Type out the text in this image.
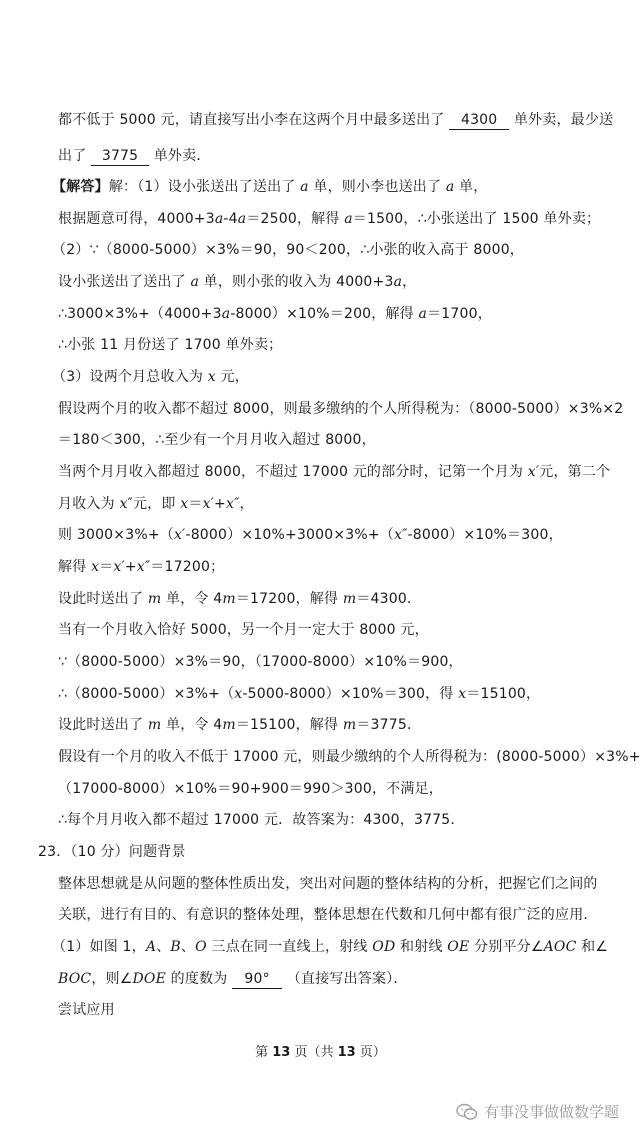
都不低于 5000 元，请直接写出小李在这两个月中最多送出了 4300 单外卖，最少送
出了 3775 单外卖．
【解答】解：（1）设小张送出了送出了 a 单，则小李也送出了 a 单，
根据题意可得，4000+3a-4a＝2500，解得 a＝1500，∴小张送出了 1500 单外卖；
（2）∵（8000-5000）×3%＝90，90＜200，∴小张的收入高于 8000，
设小张送出了送出了 a 单，则小张的收入为 4000+3a，
∴3000×3%+（4000+3a-8000）×10%＝200，解得 a＝1700，
∴小张 11 月份送了 1700 单外卖；
（3）设两个月总收入为 x 元，
假设两个月的收入都不超过 8000，则最多缴纳的个人所得税为：（8000-5000）×3%×2
＝180＜300，∴至少有一个月月收入超过 8000，
当两个月月收入都超过 8000，不超过 17000 元的部分时，记第一个月为 x′元，第二个
月收入为 x″元，即 x＝x′+x″，
则 3000×3%+（x′-8000）×10%+3000×3%+（x″-8000）×10%＝300，
解得 x＝x′+x″＝17200；
设此时送出了 m 单，令 4m＝17200，解得 m＝4300．
当有一个月收入恰好 5000，另一个月一定大于 8000 元，
∵（8000-5000）×3%＝90，（17000-8000）×10%＝900，
∴（8000-5000）×3%+（x-5000-8000）×10%＝300，得 x＝15100，
设此时送出了 m 单，令 4m＝15100，解得 m＝3775．
假设有一个月的收入不低于 17000 元，则最少缴纳的个人所得税为：(8000-5000）×3%+
（17000-8000）×10%＝90+900＝990＞300，不满足，
∴每个月月收入都不超过 17000 元．故答案为：4300，3775．
23．（10 分）问题背景
整体思想就是从问题的整体性质出发，突出对问题的整体结构的分析，把握它们之间的
关联，进行有目的、有意识的整体处理，整体思想在代数和几何中都有很广泛的应用．
（1）如图 1，A、B、O 三点在同一直线上，射线 OD 和射线 OE 分别平分∠AOC 和∠
BOC，则∠DOE 的度数为 90° （直接写出答案）．
尝试应用
第 13 页（共 13 页）
有事没事做做数学题
